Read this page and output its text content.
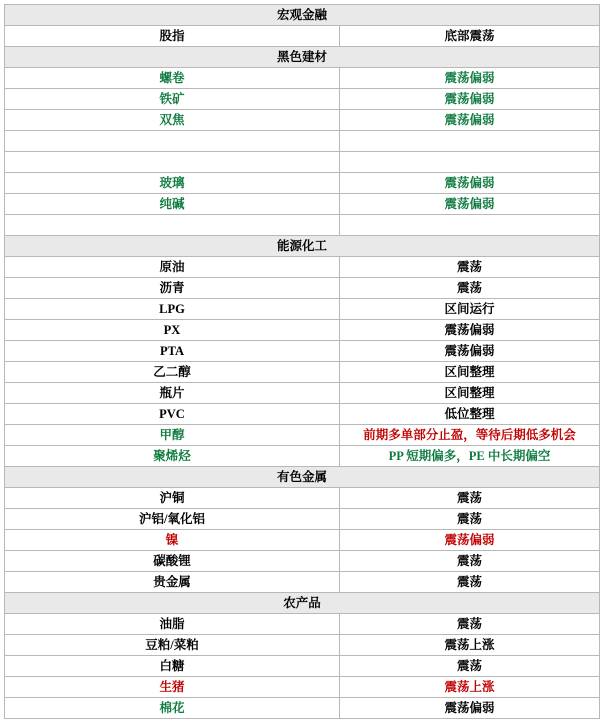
宏观金融	
股指	底部震荡
黑色建材	
螺卷	震荡偏弱
铁矿	震荡偏弱
双焦	震荡偏弱

玻璃	震荡偏弱
纯碱	震荡偏弱

能源化工	
原油	震荡
沥青	震荡
LPG	区间运行
PX	震荡偏弱
PTA	震荡偏弱
乙二醇	区间整理
瓶片	区间整理
PVC	低位整理
甲醇	前期多单部分止盈，等待后期低多机会
聚烯烃	PP 短期偏多，PE 中长期偏空
有色金属	
沪铜	震荡
沪铝/氧化铝	震荡
镍	震荡偏弱
碳酸锂	震荡
贵金属	震荡
农产品	
油脂	震荡
豆粕/菜粕	震荡上涨
白糖	震荡
生猪	震荡上涨
棉花	震荡偏弱
